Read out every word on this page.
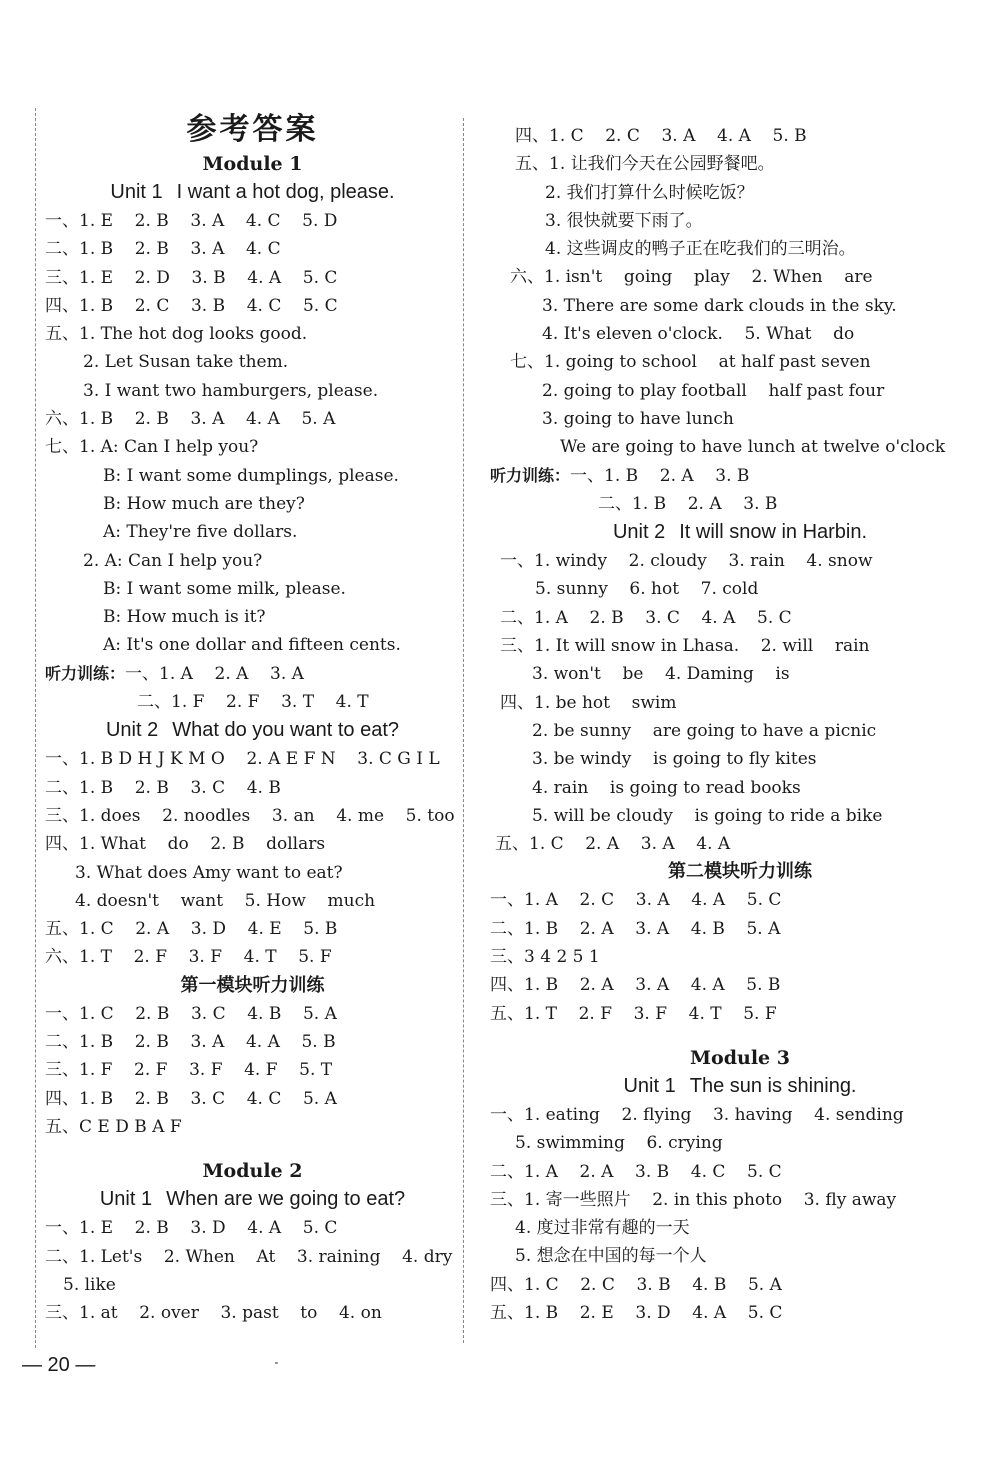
参考答案
Module 1
Unit 1 I want a hot dog, please.
一、1. E    2. B    3. A    4. C    5. D
二、1. B    2. B    3. A    4. C
三、1. E    2. D    3. B    4. A    5. C
四、1. B    2. C    3. B    4. C    5. C
五、1. The hot dog looks good.
2. Let Susan take them.
3. I want two hamburgers, please.
六、1. B    2. B    3. A    4. A    5. A
七、1. A: Can I help you?
B: I want some dumplings, please.
B: How much are they?
A: They're five dollars.
2. A: Can I help you?
B: I want some milk, please.
B: How much is it?
A: It's one dollar and fifteen cents.
听力训练：一、1. A    2. A    3. A
二、1. F    2. F    3. T    4. T
Unit 2 What do you want to eat?
一、1. B D H J K M O    2. A E F N    3. C G I L
二、1. B    2. B    3. C    4. B
三、1. does    2. noodles    3. an    4. me    5. too
四、1. What    do    2. B    dollars
3. What does Amy want to eat?
4. doesn't    want    5. How    much
五、1. C    2. A    3. D    4. E    5. B
六、1. T    2. F    3. F    4. T    5. F
第一模块听力训练
一、1. C    2. B    3. C    4. B    5. A
二、1. B    2. B    3. A    4. A    5. B
三、1. F    2. F    3. F    4. F    5. T
四、1. B    2. B    3. C    4. C    5. A
五、C E D B A F
Module 2
Unit 1 When are we going to eat?
一、1. E    2. B    3. D    4. A    5. C
二、1. Let's    2. When    At    3. raining    4. dry
5. like
三、1. at    2. over    3. past    to    4. on
四、1. C    2. C    3. A    4. A    5. B
五、1. 让我们今天在公园野餐吧。
2. 我们打算什么时候吃饭？
3. 很快就要下雨了。
4. 这些调皮的鸭子正在吃我们的三明治。
六、1. isn't    going    play    2. When    are
3. There are some dark clouds in the sky.
4. It's eleven o'clock.    5. What    do
七、1. going to school    at half past seven
2. going to play football    half past four
3. going to have lunch
We are going to have lunch at twelve o'clock
听力训练：一、1. B    2. A    3. B
二、1. B    2. A    3. B
Unit 2 It will snow in Harbin.
一、1. windy    2. cloudy    3. rain    4. snow
5. sunny    6. hot    7. cold
二、1. A    2. B    3. C    4. A    5. C
三、1. It will snow in Lhasa.    2. will    rain
3. won't    be    4. Daming    is
四、1. be hot    swim
2. be sunny    are going to have a picnic
3. be windy    is going to fly kites
4. rain    is going to read books
5. will be cloudy    is going to ride a bike
五、1. C    2. A    3. A    4. A
第二模块听力训练
一、1. A    2. C    3. A    4. A    5. C
二、1. B    2. A    3. A    4. B    5. A
三、3 4 2 5 1
四、1. B    2. A    3. A    4. A    5. B
五、1. T    2. F    3. F    4. T    5. F
Module 3
Unit 1 The sun is shining.
一、1. eating    2. flying    3. having    4. sending
5. swimming    6. crying
二、1. A    2. A    3. B    4. C    5. C
三、1. 寄一些照片    2. in this photo    3. fly away
4. 度过非常有趣的一天
5. 想念在中国的每一个人
四、1. C    2. C    3. B    4. B    5. A
五、1. B    2. E    3. D    4. A    5. C
— 20 —
